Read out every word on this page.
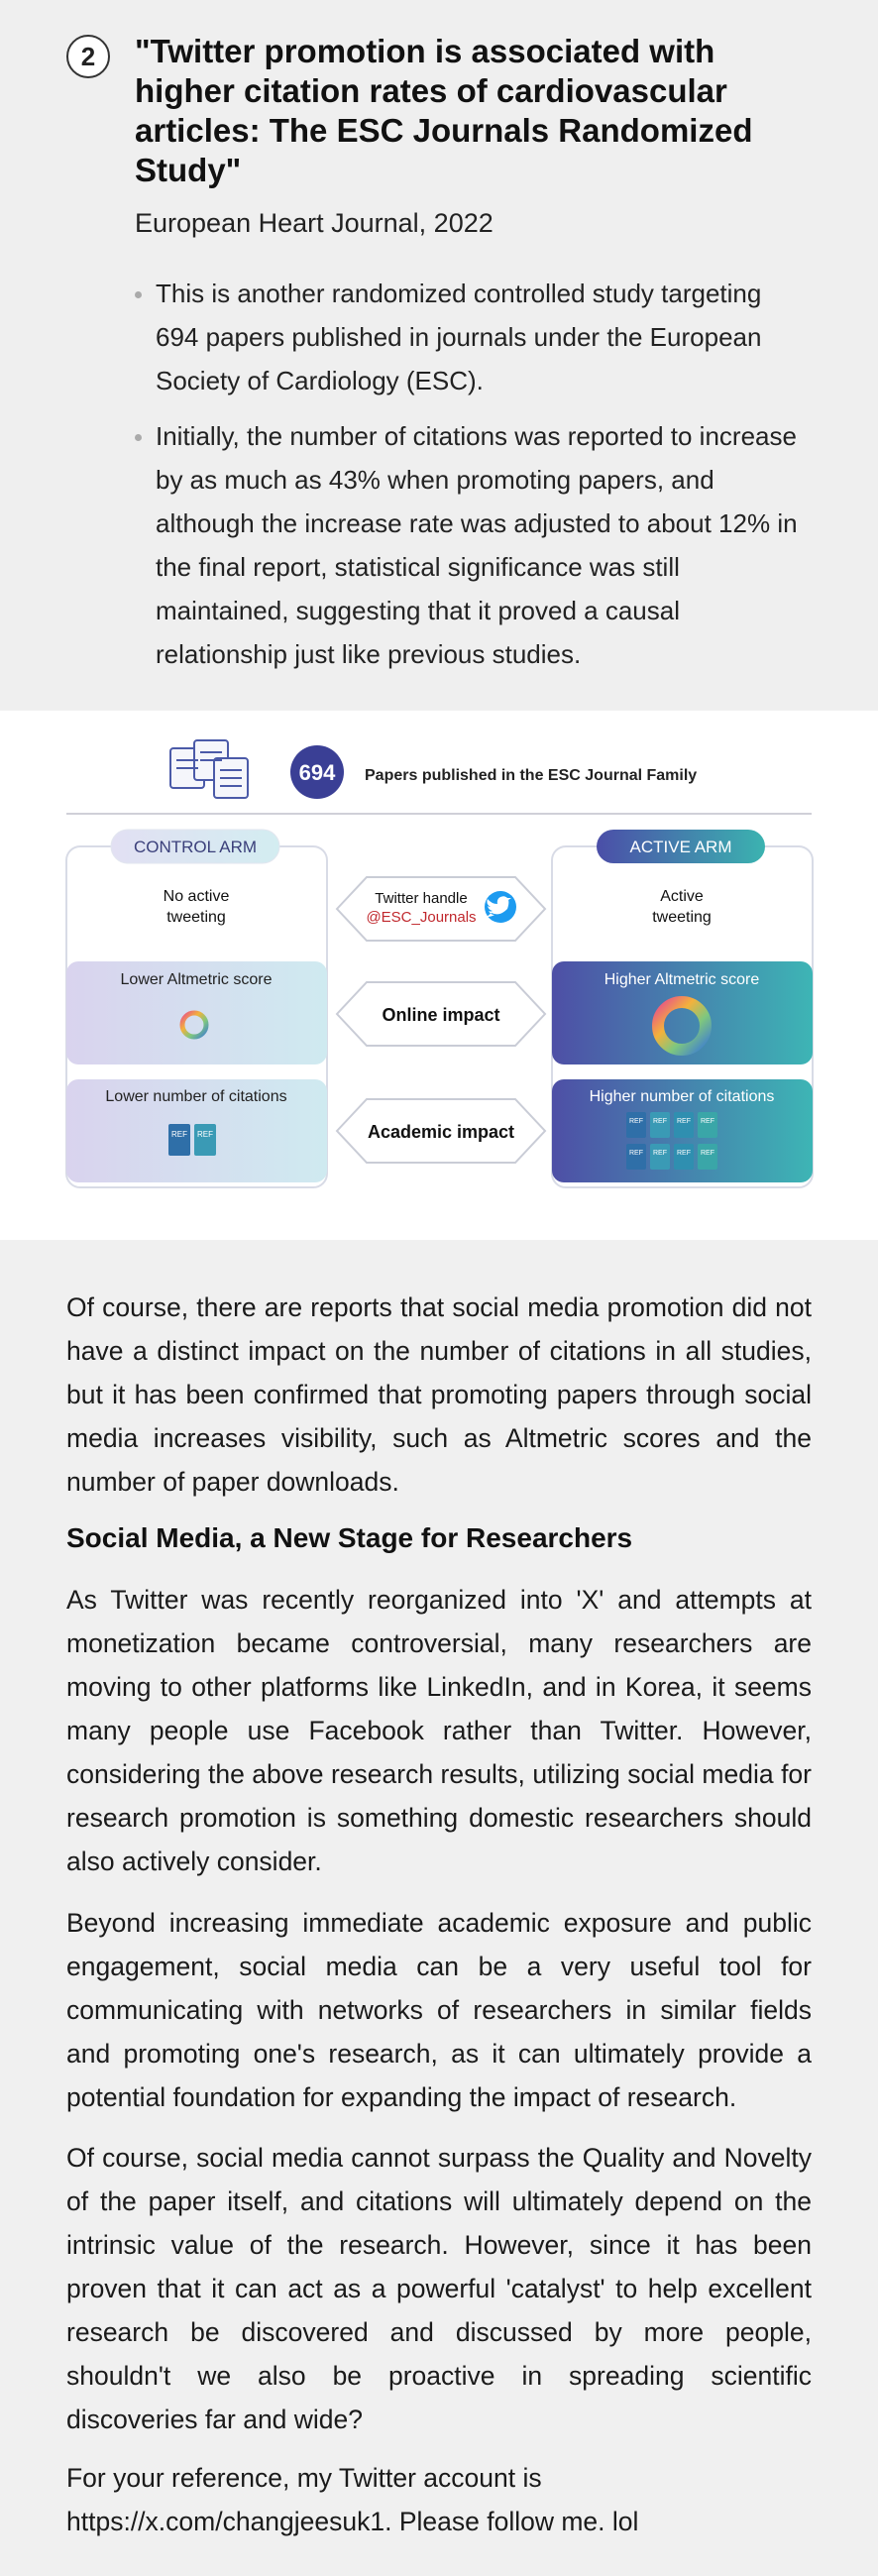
2	"Twitter promotion is associated with higher citation rates of cardiovascular articles: The ESC Journals Randomized Study"
European Heart Journal, 2022
This is another randomized controlled study targeting 694 papers published in journals under the European Society of Cardiology (ESC).
Initially, the number of citations was reported to increase by as much as 43% when promoting papers, and although the increase rate was adjusted to about 12% in the final report, statistical significance was still maintained, suggesting that it proved a causal relationship just like previous studies.
694 Papers published in the ESC Journal Family
CONTROL ARM
No active
tweeting
Lower Altmetric score
Lower number of citations
REF REF
Twitter handle
@ESC_Journals
Online impact
Academic impact
ACTIVE ARM
Active
tweeting
Higher Altmetric score
Higher number of citations
REF REF REF REF
REF REF REF REF

Of course, there are reports that social media promotion did not have a distinct impact on the number of citations in all studies, but it has been confirmed that promoting papers through social media increases visibility, such as Altmetric scores and the number of paper downloads.

Social Media, a New Stage for Researchers

As Twitter was recently reorganized into 'X' and attempts at monetization became controversial, many researchers are moving to other platforms like LinkedIn, and in Korea, it seems many people use Facebook rather than Twitter. However, considering the above research results, utilizing social media for research promotion is something domestic researchers should also actively consider.

Beyond increasing immediate academic exposure and public engagement, social media can be a very useful tool for communicating with networks of researchers in similar fields and promoting one's research, as it can ultimately provide a potential foundation for expanding the impact of research.

Of course, social media cannot surpass the Quality and Novelty of the paper itself, and citations will ultimately depend on the intrinsic value of the research. However, since it has been proven that it can act as a powerful 'catalyst' to help excellent research be discovered and discussed by more people, shouldn't we also be proactive in spreading scientific discoveries far and wide?

For your reference, my Twitter account is https://x.com/changjeesuk1. Please follow me. lol
